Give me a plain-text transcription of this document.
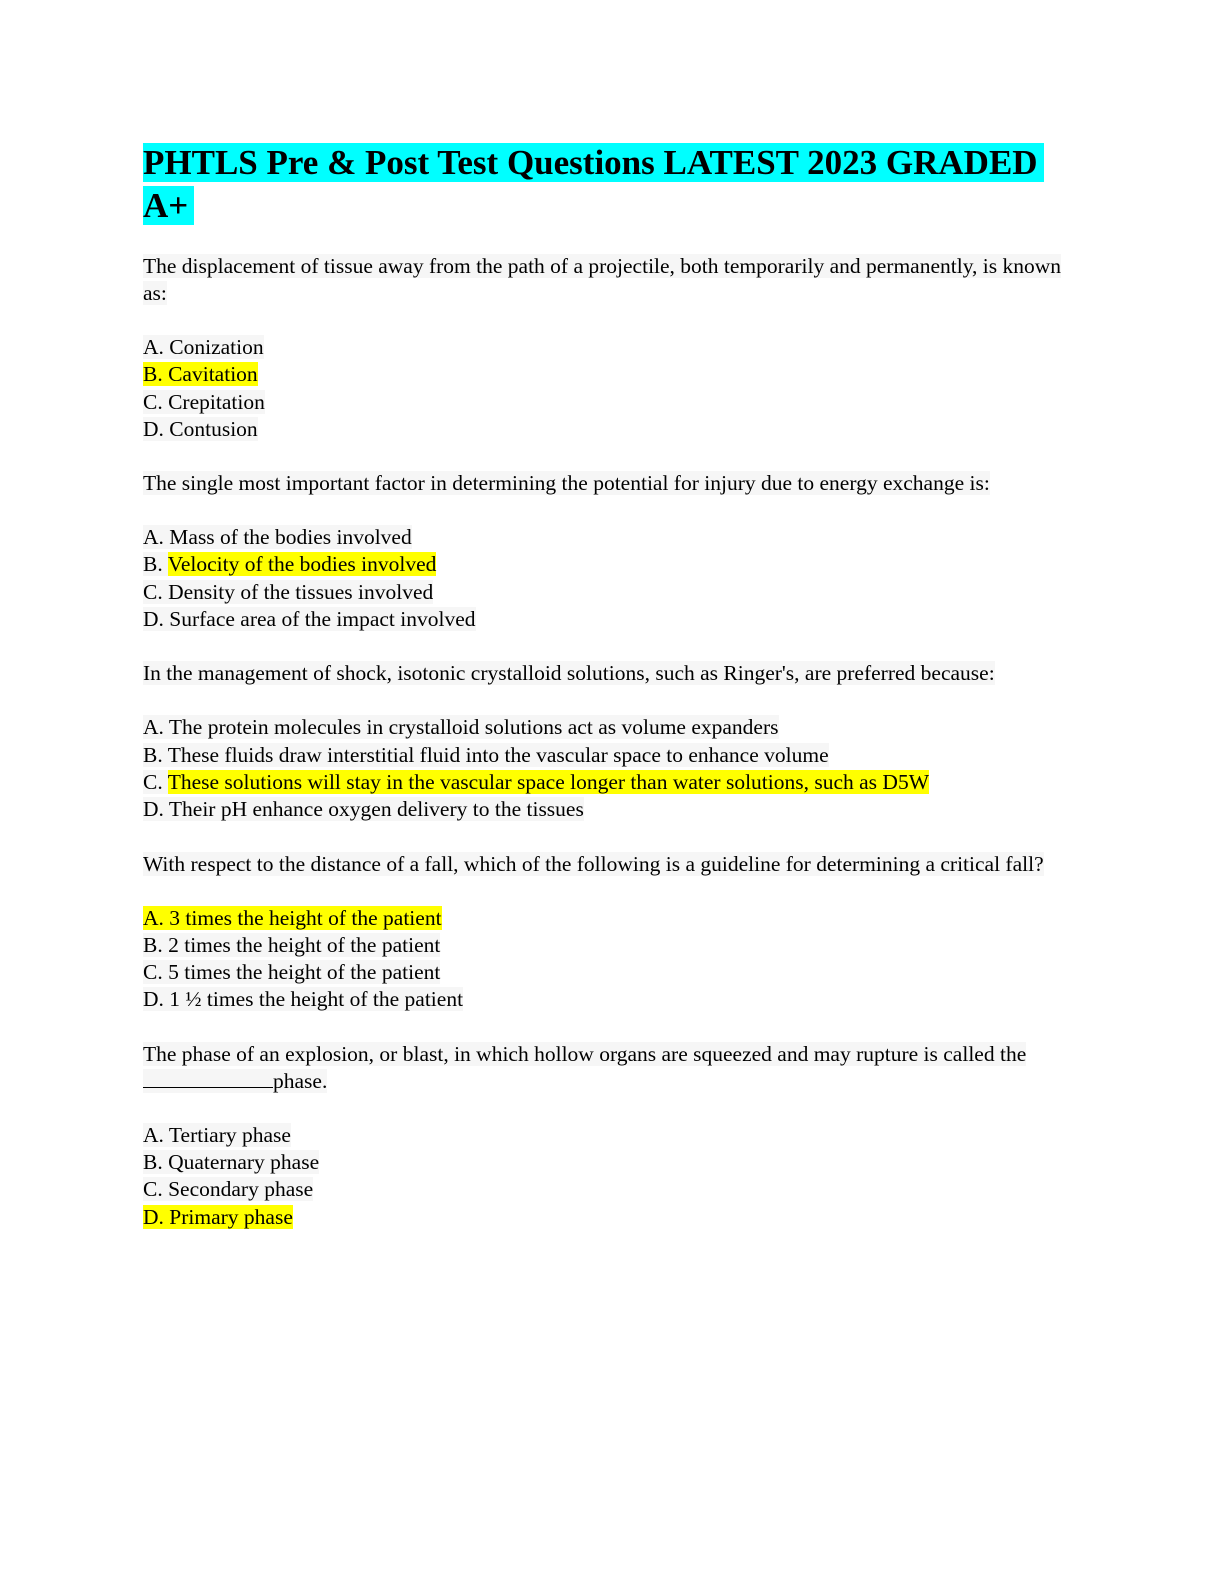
PHTLS Pre & Post Test Questions LATEST 2023 GRADED A+

The displacement of tissue away from the path of a projectile, both temporarily and permanently, is known as:

A. Conization
B. Cavitation
C. Crepitation
D. Contusion

The single most important factor in determining the potential for injury due to energy exchange is:

A. Mass of the bodies involved
B. Velocity of the bodies involved
C. Density of the tissues involved
D. Surface area of the impact involved

In the management of shock, isotonic crystalloid solutions, such as Ringer's, are preferred because:

A. The protein molecules in crystalloid solutions act as volume expanders
B. These fluids draw interstitial fluid into the vascular space to enhance volume
C. These solutions will stay in the vascular space longer than water solutions, such as D5W
D. Their pH enhance oxygen delivery to the tissues

With respect to the distance of a fall, which of the following is a guideline for determining a critical fall?

A. 3 times the height of the patient
B. 2 times the height of the patient
C. 5 times the height of the patient
D. 1 ½ times the height of the patient

The phase of an explosion, or blast, in which hollow organs are squeezed and may rupture is called thephase.

A. Tertiary phase
B. Quaternary phase
C. Secondary phase
D. Primary phase
